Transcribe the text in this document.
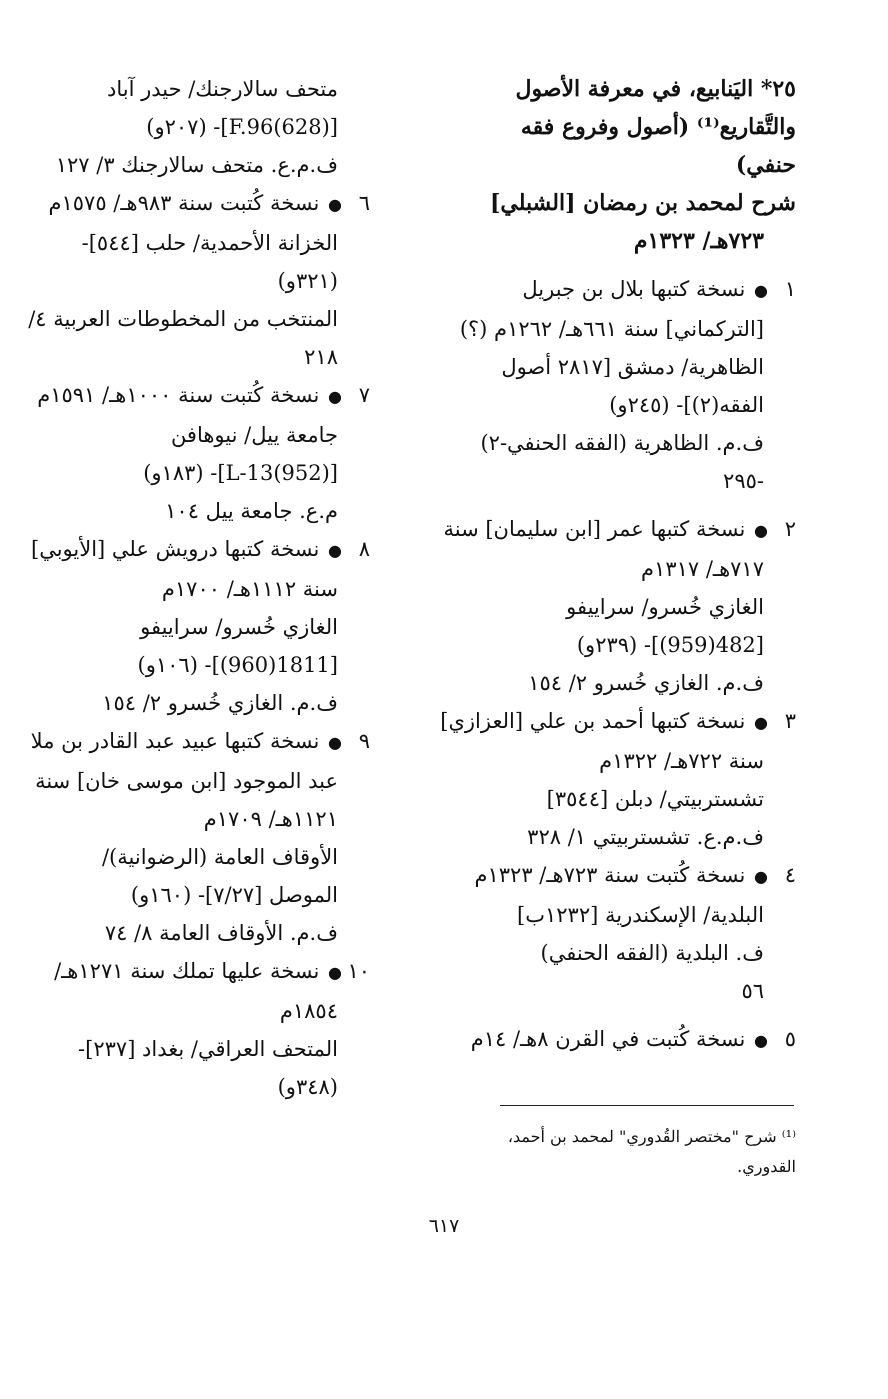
٢٥* اليَنابيع، في معرفة الأصول
والتَّقاريع⁽¹⁾ (أصول وفروع فقه
حنفي)
شرح لمحمد بن رمضان [الشبلي]
٧٢٣هـ/ ١٣٢٣م
١● نسخة كتبها بلال بن جبريل
[التركماني] سنة ٦٦١هـ/ ١٢٦٢م (؟)
الظاهرية/ دمشق [٢٨١٧ أصول
الفقه(٢)]- (٢٤٥و)
ف.م. الظاهرية (الفقه الحنفي-٢)
-٢٩٥
٢● نسخة كتبها عمر [ابن سليمان] سنة
٧١٧هـ/ ١٣١٧م
الغازي خُسرو/ سراييفو
[482(959)]- (٢٣٩و)
ف.م. الغازي خُسرو ٢/ ١٥٤
٣● نسخة كتبها أحمد بن علي [العزازي]
سنة ٧٢٢هـ/ ١٣٢٢م
تشستربيتي/ دبلن [٣٥٤٤]
ف.م.ع. تشستربيتي ١/ ٣٢٨
٤● نسخة كُتبت سنة ٧٢٣هـ/ ١٣٢٣م
البلدية/ الإسكندرية [١٢٣٢ب]
ف. البلدية (الفقه الحنفي)
٥٦
٥● نسخة كُتبت في القرن ٨هـ/ ١٤م
متحف سالارجنك/ حيدر آباد
[(628)F.96]- (٢٠٧و)
ف.م.ع. متحف سالارجنك ٣/ ١٢٧
٦● نسخة كُتبت سنة ٩٨٣هـ/ ١٥٧٥م
الخزانة الأحمدية/ حلب [٥٤٤]-
(٣٢١و)
المنتخب من المخطوطات العربية ٤/
٢١٨
٧● نسخة كُتبت سنة ١٠٠٠هـ/ ١٥٩١م
جامعة ييل/ نيوهافن
[L-13(952)]- (١٨٣و)
م.ع. جامعة ييل ١٠٤
٨● نسخة كتبها درويش علي [الأيوبي]
سنة ١١١٢هـ/ ١٧٠٠م
الغازي خُسرو/ سراييفو
[1811(960)]- (١٠٦و)
ف.م. الغازي خُسرو ٢/ ١٥٤
٩● نسخة كتبها عبيد عبد القادر بن ملا
عبد الموجود [ابن موسى خان] سنة
١١٢١هـ/ ١٧٠٩م
الأوقاف العامة (الرضوانية)/
الموصل [٧/٢٧]- (١٦٠و)
ف.م. الأوقاف العامة ٨/ ٧٤
١٠● نسخة عليها تملك سنة ١٢٧١هـ/
١٨٥٤م
المتحف العراقي/ بغداد [٢٣٧]-
(٣٤٨و)
⁽¹⁾ شرح "مختصر القُدوري" لمحمد بن أحمد،
القدوري.
٦١٧
